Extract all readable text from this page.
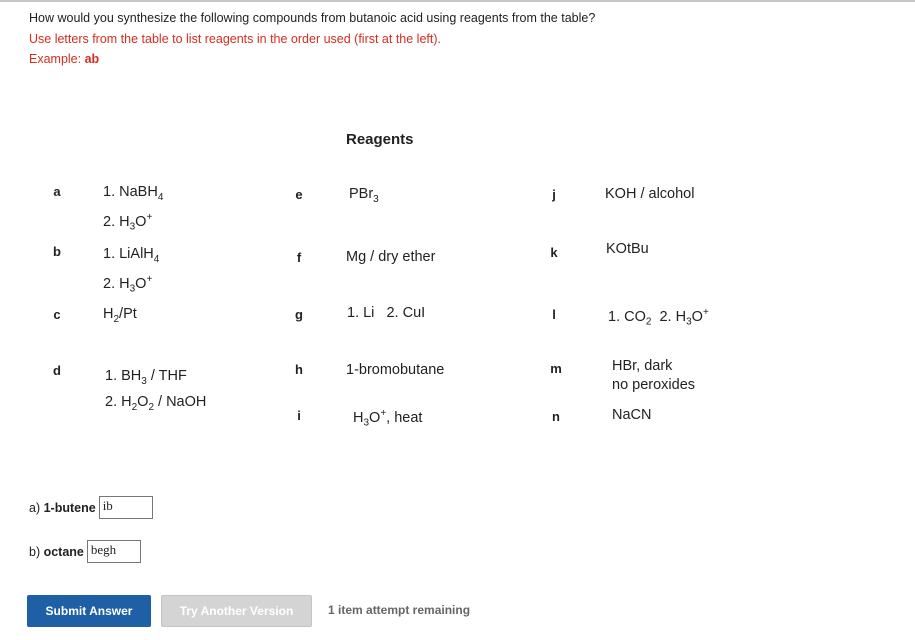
How would you synthesize the following compounds from butanoic acid using reagents from the table?
Use letters from the table to list reagents in the order used (first at the left).
Example: ab
Reagents
a	1. NaBH$_4$
2. $H_3O^+$
b	1. LiAlH$_4$
2. $H_3O^+$
c	$H_2/Pt$
d	1. $BH_3$ / THF
2. $H_2O_2$ / NaOH
e	PBr$_3$
f	Mg / dry ether
g	1. Li   2. CuI
h	1-bromobutane
i	$H_3O^+$, heat
j	KOH / alcohol
k	KOtBu
l	1. $CO_2$  2. $H_3O^+$
m	HBr, dark
no peroxides
n	NaCN
a) 1-butene ib
b) octane begh
Submit Answer	Try Another Version	1 item attempt remaining
